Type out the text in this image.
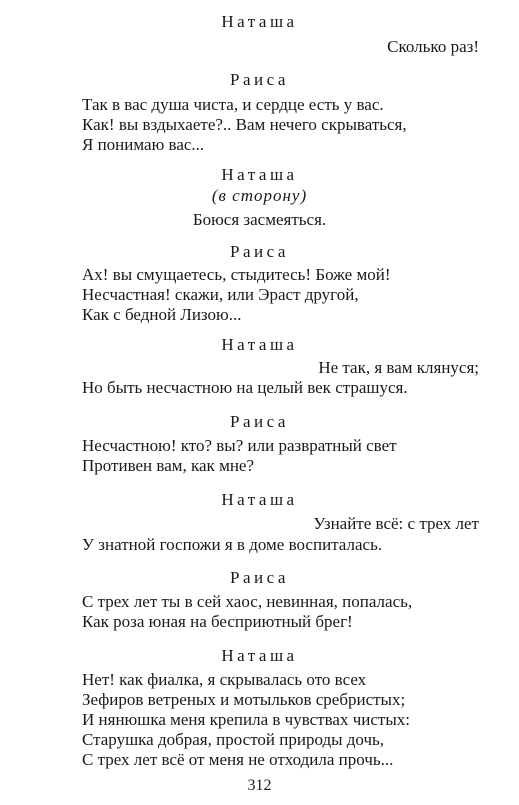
Наташа
Сколько раз!
Раиса
Так в вас душа чиста, и сердце есть у вас.
Как! вы вздыхаете?.. Вам нечего скрываться,
Я понимаю вас...
Наташа
(в сторону)
Боюся засмеяться.
Раиса
Ах! вы смущаетесь, стыдитесь! Боже мой!
Несчастная! скажи, или Эраст другой,
Как с бедной Лизою...
Наташа
Не так, я вам клянуся;
Но быть несчастною на целый век страшуся.
Раиса
Несчастною! кто? вы? или развратный свет
Противен вам, как мне?
Наташа
Узнайте всё: с трех лет
У знатной госпожи я в доме воспиталась.
Раиса
С трех лет ты в сей хаос, невинная, попалась,
Как роза юная на бесприютный брег!
Наташа
Нет! как фиалка, я скрывалась ото всех
Зефиров ветреных и мотыльков сребристых;
И нянюшка меня крепила в чувствах чистых:
Старушка добрая, простой природы дочь,
С трех лет всё от меня не отходила прочь...
312
